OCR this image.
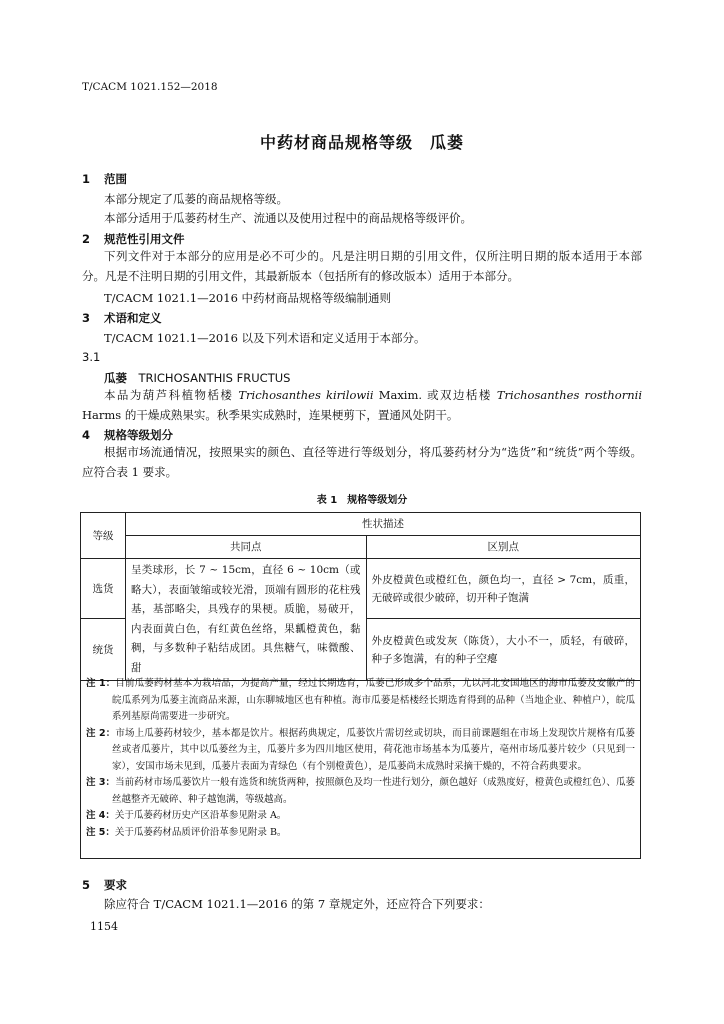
T/CACM 1021.152—2018
中药材商品规格等级　瓜蒌
1 范围
本部分规定了瓜蒌的商品规格等级。
本部分适用于瓜蒌药材生产、流通以及使用过程中的商品规格等级评价。
2 规范性引用文件
下列文件对于本部分的应用是必不可少的。凡是注明日期的引用文件，仅所注明日期的版本适用于本部分。凡是不注明日期的引用文件，其最新版本（包括所有的修改版本）适用于本部分。
T/CACM 1021.1—2016 中药材商品规格等级编制通则
3 术语和定义
T/CACM 1021.1—2016 以及下列术语和定义适用于本部分。
3.1
瓜蒌　 TRICHOSANTHIS FRUCTUS
本品为葫芦科植物栝楼 Trichosanthes kirilowii Maxim. 或双边栝楼 Trichosanthes rosthornii Harms 的干燥成熟果实。秋季果实成熟时，连果梗剪下，置通风处阴干。
4 规格等级划分
根据市场流通情况，按照果实的颜色、直径等进行等级划分，将瓜蒌药材分为“选货”和“统货”两个等级。应符合表 1 要求。
表 1　规格等级划分
等级	性状描述	
	共同点	区别点
选货	呈类球形，长 7 ~ 15cm，直径 6 ~ 10cm（或略大），表面皱缩或较光滑，顶端有圆形的花柱残基，基部略尖，具残存的果梗。质脆，易破开，内表面黄白色，有红黄色丝络，果瓤橙黄色，黏稠，与多数种子粘结成团。具焦糖气，味微酸、甜	外皮橙黄色或橙红色，颜色均一，直径 > 7cm，质重，无破碎或很少破碎，切开种子饱满
统货		外皮橙黄色或发灰（陈货），大小不一，质轻，有破碎，种子多饱满，有的种子空瘪
注 1：目前瓜蒌药材基本为栽培品，为提高产量，经过长期选育，瓜蒌已形成多个品系，尤以河北安国地区的海市瓜蒌及安徽产的皖瓜系列为瓜蒌主流商品来源，山东聊城地区也有种植。海市瓜蒌是栝楼经长期选育得到的品种（当地企业、种植户），皖瓜系列基原尚需要进一步研究。
注 2：市场上瓜蒌药材较少，基本都是饮片。根据药典规定，瓜蒌饮片需切丝或切块，而目前课题组在市场上发现饮片规格有瓜蒌丝或者瓜蒌片，其中以瓜蒌丝为主，瓜蒌片多为四川地区使用，荷花池市场基本为瓜蒌片，亳州市场瓜蒌片较少（只见到一家），安国市场未见到，瓜蒌片表面为青绿色（有个别橙黄色），是瓜蒌尚未成熟时采摘干燥的，不符合药典要求。
注 3：当前药材市场瓜蒌饮片一般有选货和统货两种，按照颜色及均一性进行划分，颜色越好（成熟度好，橙黄色或橙红色）、瓜蒌丝越整齐无破碎、种子越饱满，等级越高。
注 4：关于瓜蒌药材历史产区沿革参见附录 A。
注 5：关于瓜蒌药材品质评价沿革参见附录 B。
5 要求
除应符合 T/CACM 1021.1—2016 的第 7 章规定外，还应符合下列要求：
1154
